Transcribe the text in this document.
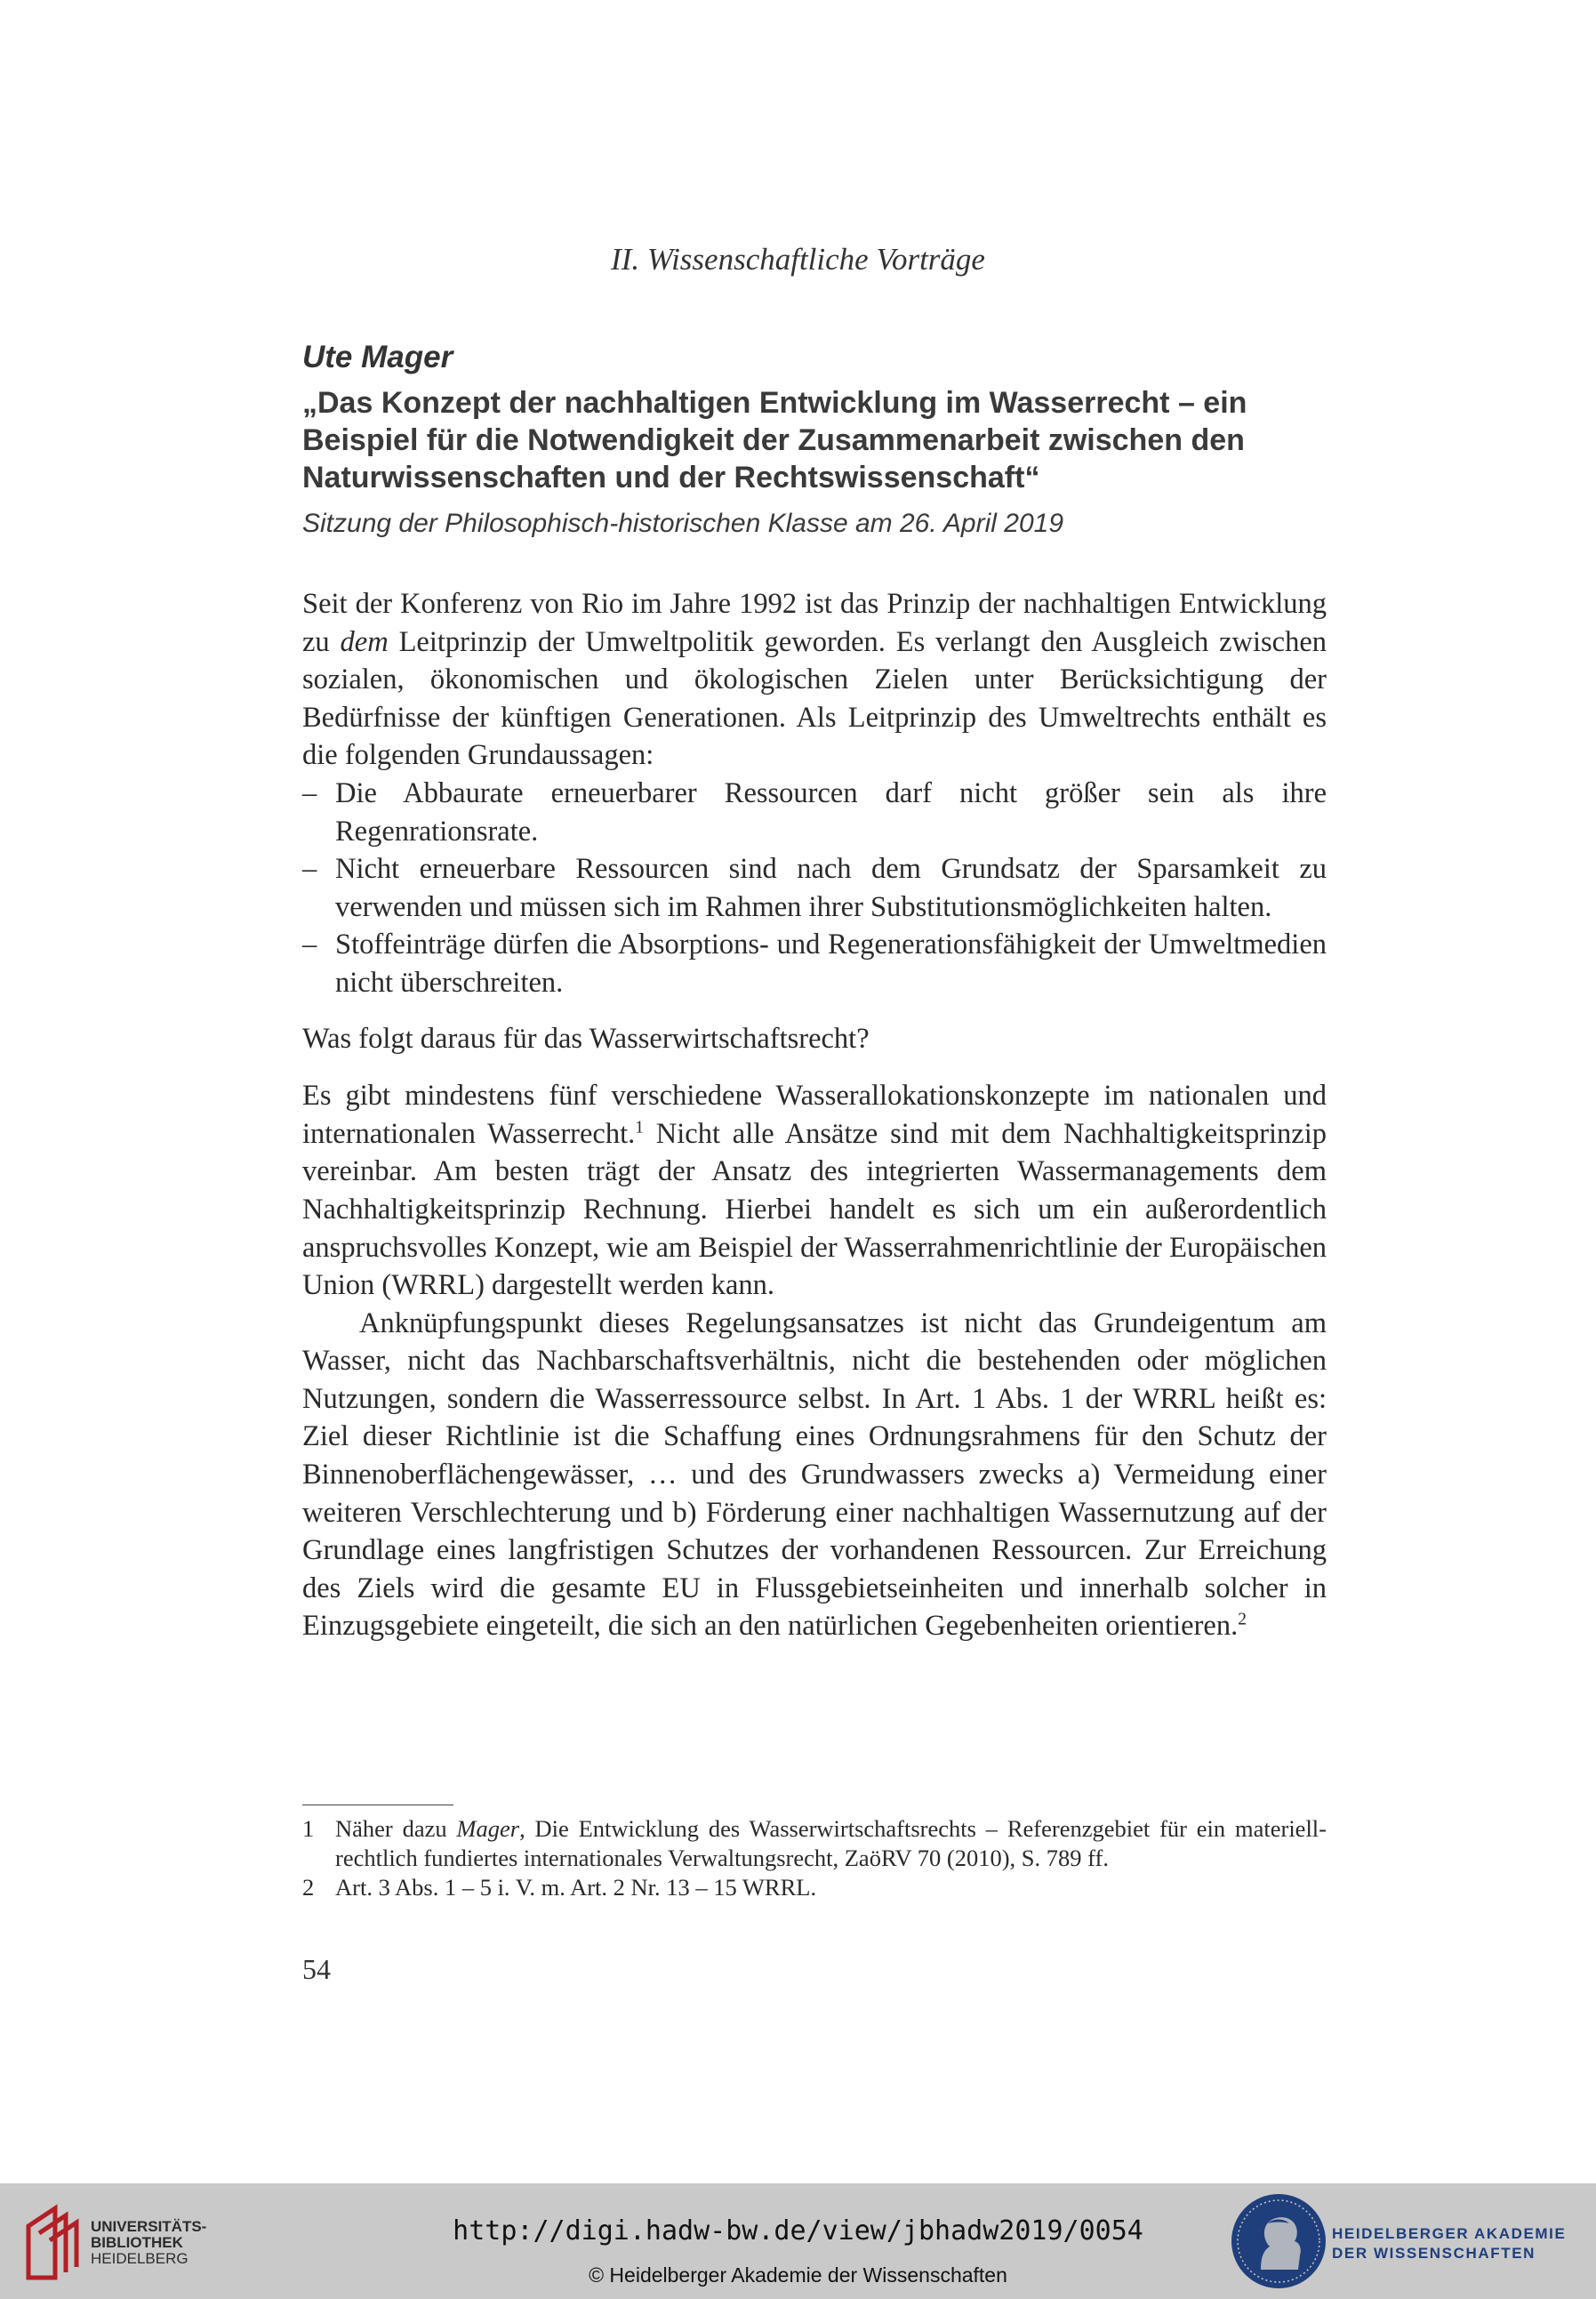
II. Wissenschaftliche Vorträge
Ute Mager
„Das Konzept der nachhaltigen Entwicklung im Wasserrecht – ein
Beispiel für die Notwendigkeit der Zusammenarbeit zwischen den
Naturwissenschaften und der Rechtswissenschaft“
Sitzung der Philosophisch-historischen Klasse am 26. April 2019

Seit der Konferenz von Rio im Jahre 1992 ist das Prinzip der nachhaltigen Entwicklung zu dem Leitprinzip der Umweltpolitik geworden. Es verlangt den Ausgleich zwischen sozialen, ökonomischen und ökologischen Zielen unter Berücksichtigung der Bedürfnisse der künftigen Generationen. Als Leitprinzip des Umweltrechts enthält es die folgenden Grundaussagen:

– Die Abbaurate erneuerbarer Ressourcen darf nicht größer sein als ihre Regenrationsrate.
– Nicht erneuerbare Ressourcen sind nach dem Grundsatz der Sparsamkeit zu verwenden und müssen sich im Rahmen ihrer Substitutionsmöglichkeiten halten.
– Stoffeinträge dürfen die Absorptions- und Regenerationsfähigkeit der Umweltmedien nicht überschreiten.

Was folgt daraus für das Wasserwirtschaftsrecht?

Es gibt mindestens fünf verschiedene Wasserallokationskonzepte im nationalen und internationalen Wasserrecht.$^1$ Nicht alle Ansätze sind mit dem Nachhaltigkeitsprinzip vereinbar. Am besten trägt der Ansatz des integrierten Wassermanagements dem Nachhaltigkeitsprinzip Rechnung. Hierbei handelt es sich um ein außerordentlich anspruchsvolles Konzept, wie am Beispiel der Wasserrahmenrichtlinie der Europäischen Union (WRRL) dargestellt werden kann.

Anknüpfungspunkt dieses Regelungsansatzes ist nicht das Grundeigentum am Wasser, nicht das Nachbarschaftsverhältnis, nicht die bestehenden oder möglichen Nutzungen, sondern die Wasserressource selbst. In Art. 1 Abs. 1 der WRRL heißt es: Ziel dieser Richtlinie ist die Schaffung eines Ordnungsrahmens für den Schutz der Binnenoberflächengewässer, … und des Grundwassers zwecks a) Vermeidung einer weiteren Verschlechterung und b) Förderung einer nachhaltigen Wassernutzung auf der Grundlage eines langfristigen Schutzes der vorhandenen Ressourcen. Zur Erreichung des Ziels wird die gesamte EU in Flussgebietseinheiten und innerhalb solcher in Einzugsgebiete eingeteilt, die sich an den natürlichen Gegebenheiten orientieren.$^2$

1 Näher dazu Mager, Die Entwicklung des Wasserwirtschaftsrechts – Referenzgebiet für ein materiell-rechtlich fundiertes internationales Verwaltungsrecht, ZaöRV 70 (2010), S. 789 ff.
2 Art. 3 Abs. 1 – 5 i. V. m. Art. 2 Nr. 13 – 15 WRRL.
54
UNIVERSITÄTS-
BIBLIOTHEK
HEIDELBERG
http://digi.hadw-bw.de/view/jbhadw2019/0054
© Heidelberger Akademie der Wissenschaften
HEIDELBERGER AKADEMIE
DER WISSENSCHAFTEN
